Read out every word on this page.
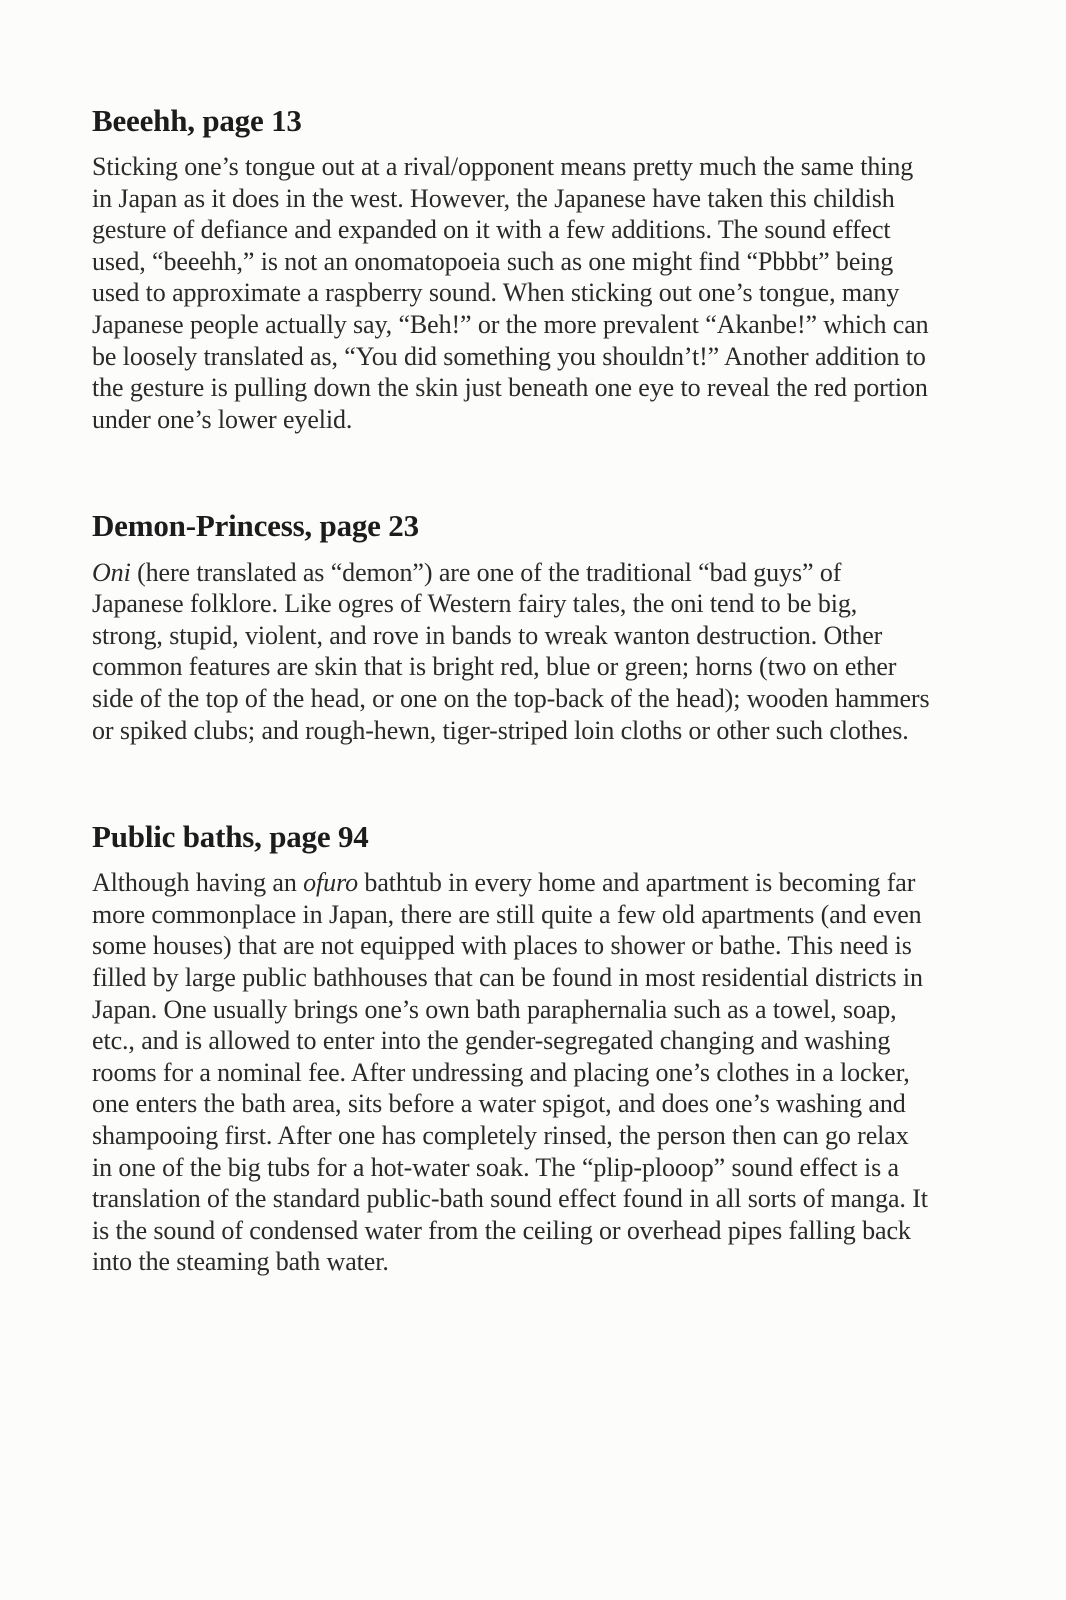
Beeehh, page 13

Sticking one’s tongue out at a rival/opponent means pretty much the same thing in Japan as it does in the west. However, the Japanese have taken this childish gesture of defiance and expanded on it with a few additions. The sound effect used, “beeehh,” is not an onomatopoeia such as one might find “Pbbbt” being used to approximate a raspberry sound. When sticking out one’s tongue, many Japanese people actually say, “Beh!” or the more prevalent “Akanbe!” which can be loosely translated as, “You did something you shouldn’t!” Another addition to the gesture is pulling down the skin just beneath one eye to reveal the red portion under one’s lower eyelid.

Demon-Princess, page 23

Oni (here translated as “demon”) are one of the traditional “bad guys” of Japanese folklore. Like ogres of Western fairy tales, the oni tend to be big, strong, stupid, violent, and rove in bands to wreak wanton destruction. Other common features are skin that is bright red, blue or green; horns (two on ether side of the top of the head, or one on the top-back of the head); wooden hammers or spiked clubs; and rough-hewn, tiger-striped loin cloths or other such clothes.

Public baths, page 94

Although having an ofuro bathtub in every home and apartment is becoming far more commonplace in Japan, there are still quite a few old apartments (and even some houses) that are not equipped with places to shower or bathe. This need is filled by large public bathhouses that can be found in most residential districts in Japan. One usually brings one’s own bath paraphernalia such as a towel, soap, etc., and is allowed to enter into the gender-segregated changing and washing rooms for a nominal fee. After undressing and placing one’s clothes in a locker, one enters the bath area, sits before a water spigot, and does one’s washing and shampooing first. After one has completely rinsed, the person then can go relax in one of the big tubs for a hot-water soak. The “plip-plooop” sound effect is a translation of the standard public-bath sound effect found in all sorts of manga. It is the sound of condensed water from the ceiling or overhead pipes falling back into the steaming bath water.
